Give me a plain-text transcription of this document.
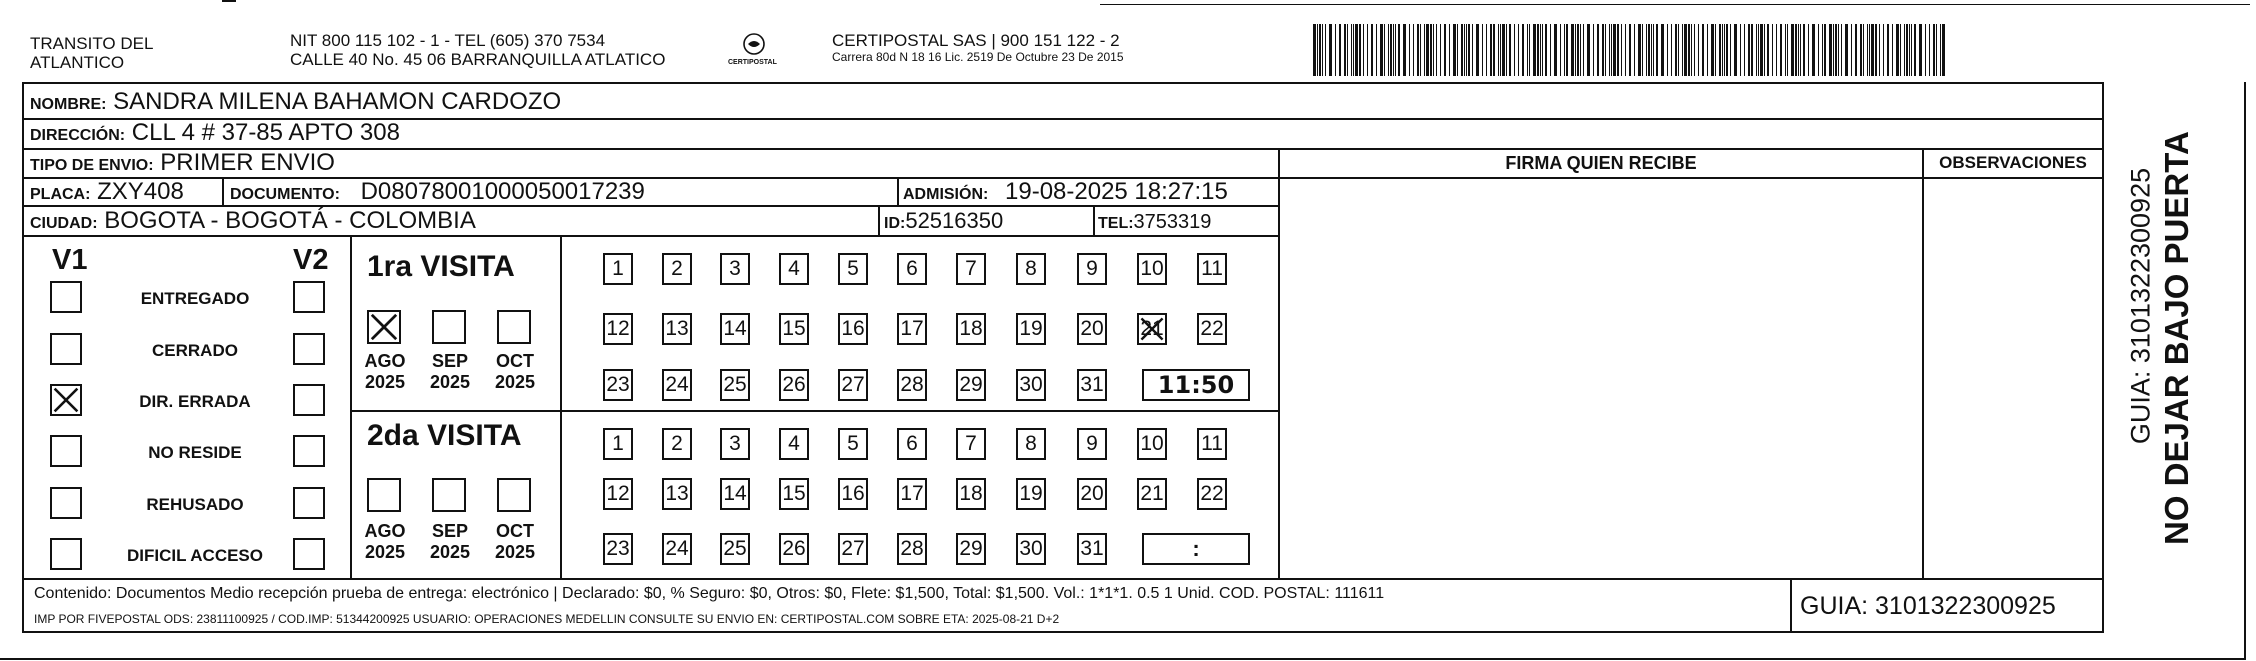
TRANSITO DEL
ATLANTICO
NIT 800 115 102 - 1 - TEL (605) 370 7534
CALLE 40 No. 45 06 BARRANQUILLA ATLATICO	CERTIPOSTAL
CERTIPOSTAL SAS | 900 151 122 - 2
Carrera 80d N 18 16 Lic. 2519 De Octubre 23 De 2015
NOMBRE: SANDRA MILENA BAHAMON CARDOZO
DIRECCIÓN: CLL 4 # 37-85 APTO 308
TIPO DE ENVIO: PRIMER ENVIO
PLACA: ZXY408	DOCUMENTO: D08078001000050017239	ADMISIÓN: 19-08-2025 18:27:15
CIUDAD: BOGOTA - BOGOTÁ - COLOMBIA	ID:52516350	TEL:3753319
FIRMA QUIEN RECIBE	OBSERVACIONES
V1	V2
ENTREGADO
CERRADO
DIR. ERRADA
NO RESIDE
REHUSADO
DIFICIL ACCESO
1ra VISITA
2da VISITA
AGO
2025
SEP
2025
OCT
2025
1	2	3	4	5	6	7	8	9	10 11
12 13 14 15 16 17 18 19 20 21 22
23 24 25 26 27 28 29 30 31	11:50
AGO
2025
SEP
2025
OCT
2025
1	2	3	4	5	6	7	8	9	10 11
12 13 14 15 16 17 18 19 20 21 22
23 24 25 26 27 28 29 30 31	:
Contenido: Documentos Medio recepción prueba de entrega: electrónico | Declarado: $0, % Seguro: $0, Otros: $0, Flete: $1,500, Total: $1,500. Vol.: 1*1*1. 0.5 1 Unid. COD. POSTAL: 111611
IMP POR FIVEPOSTAL ODS: 23811100925 / COD.IMP: 51344200925 USUARIO: OPERACIONES MEDELLIN CONSULTE SU ENVIO EN: CERTIPOSTAL.COM SOBRE ETA: 2025-08-21 D+2	GUIA: 3101322300925
NO DEJAR BAJO PUERTA
GUIA: 3101322300925
